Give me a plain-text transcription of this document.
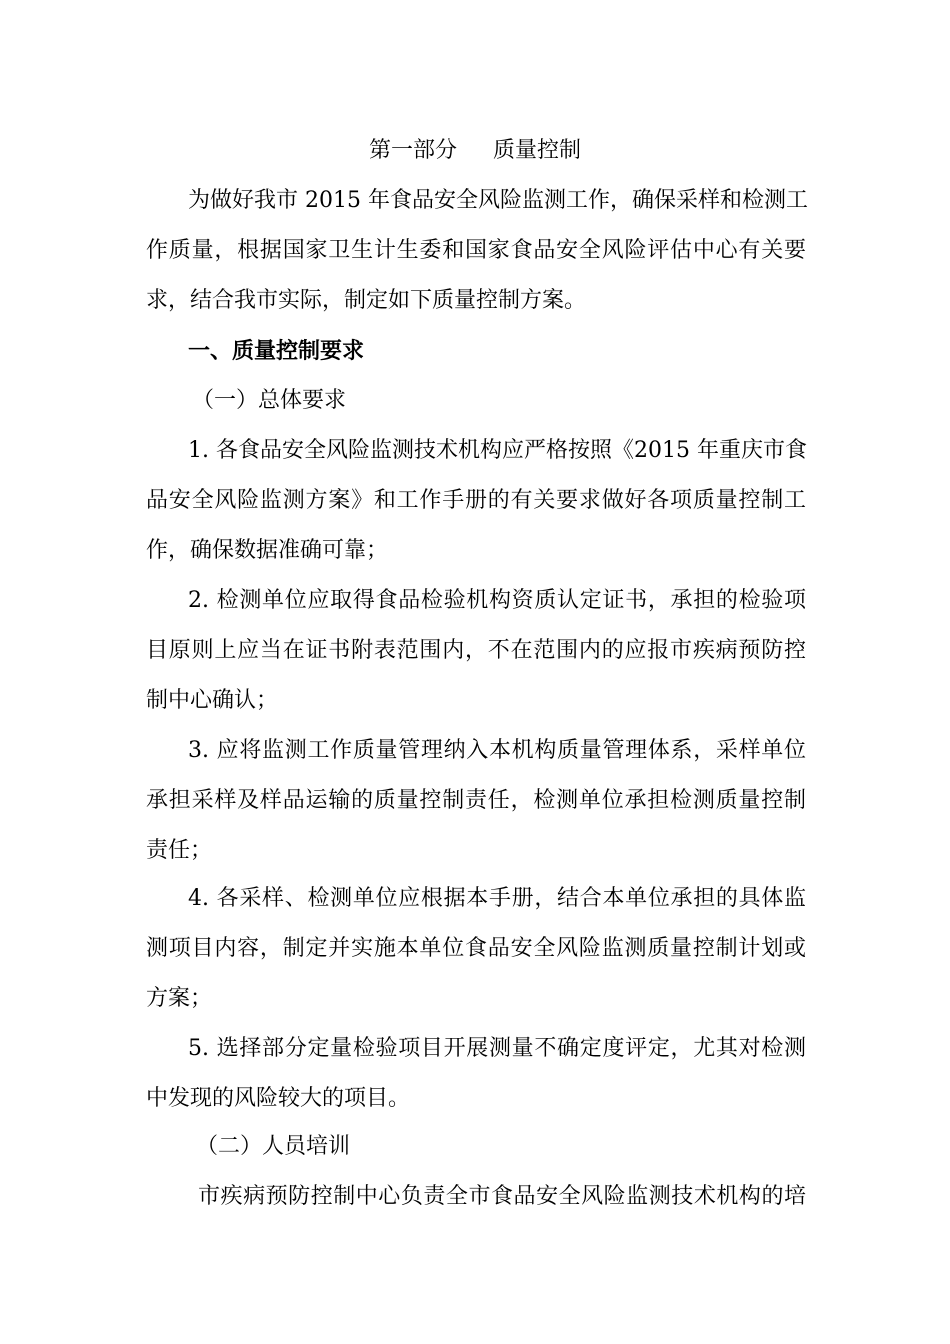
第一部分 质量控制
为做好我市 2015 年食品安全风险监测工作，确保采样和检测工
作质量，根据国家卫生计生委和国家食品安全风险评估中心有关要
求，结合我市实际，制定如下质量控制方案。
一、质量控制要求
（一）总体要求
1. 各食品安全风险监测技术机构应严格按照《2015 年重庆市食
品安全风险监测方案》和工作手册的有关要求做好各项质量控制工
作，确保数据准确可靠；
2. 检测单位应取得食品检验机构资质认定证书，承担的检验项
目原则上应当在证书附表范围内，不在范围内的应报市疾病预防控
制中心确认；
3. 应将监测工作质量管理纳入本机构质量管理体系，采样单位
承担采样及样品运输的质量控制责任，检测单位承担检测质量控制
责任；
4. 各采样、检测单位应根据本手册，结合本单位承担的具体监
测项目内容，制定并实施本单位食品安全风险监测质量控制计划或
方案；
5. 选择部分定量检验项目开展测量不确定度评定，尤其对检测
中发现的风险较大的项目。
（二）人员培训
市疾病预防控制中心负责全市食品安全风险监测技术机构的培
